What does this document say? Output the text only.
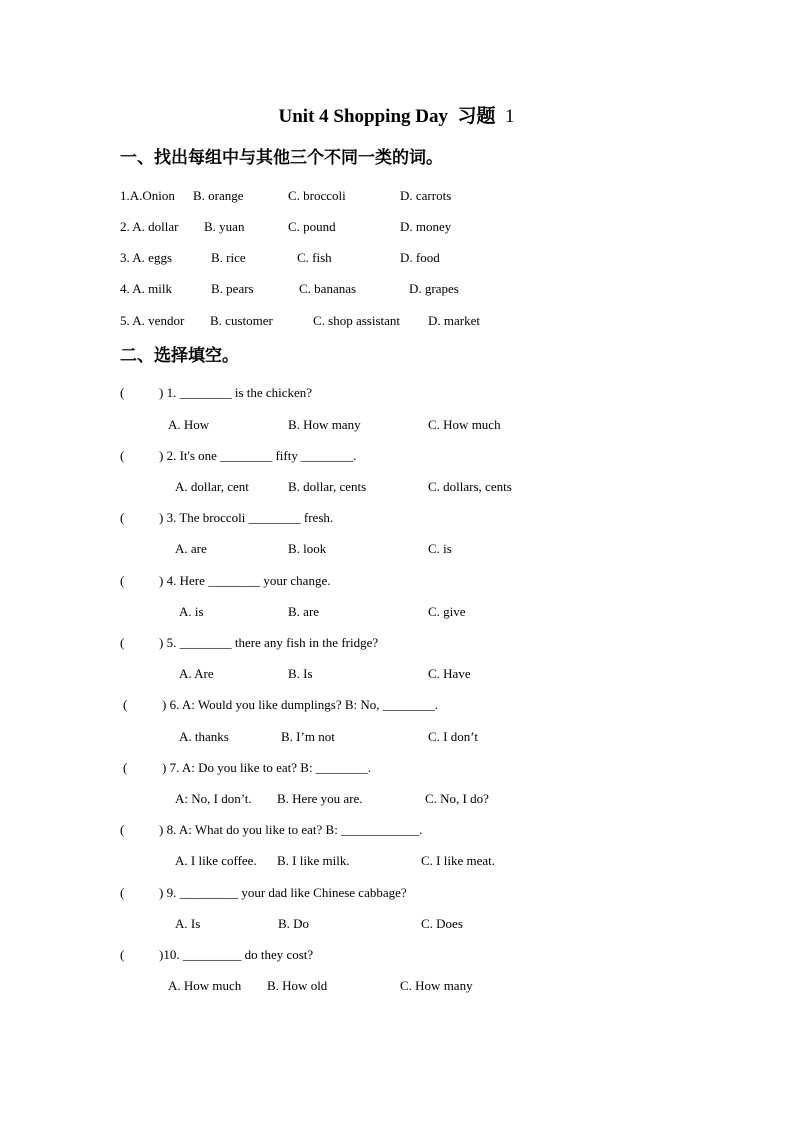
Unit 4 Shopping Day  习题  1
一、找出每组中与其他三个不同一类的词。
1.A.Onion B. orange	C. broccoli	D. carrots
2. A. dollar B. yuan	C. pound	D. money
3. A. eggs	B. rice	C. fish	D. food
4. A. milk	B. pears	C. bananas	D. grapes
5. A. vendor B. customer	C. shop assistant D. market
二、选择填空。
(	) 1. ________ is the chicken?
A. How	B. How many	C. How much
(	) 2. It's one ________ fifty ________.
A. dollar, cent	B. dollar, cents	C. dollars, cents
(	) 3. The broccoli ________ fresh.
A. are	B. look	C. is
(	) 4. Here ________ your change.
A. is	B. are	C. give
(	) 5. ________ there any fish in the fridge?
A. Are	B. Is	C. Have
(	) 6. A: Would you like dumplings? B: No, ________.
A. thanks	B. I’m not	C. I don’t
(	) 7. A: Do you like to eat? B: ________.
A: No, I don’t. B. Here you are.	C. No, I do?
(	) 8. A: What do you like to eat? B: ____________.
A. I like coffee. B. I like milk.	C. I like meat.
(	) 9. _________ your dad like Chinese cabbage?
A. Is	B. Do	C. Does
(	)10. _________ do they cost?
A. How much B. How old	C. How many
